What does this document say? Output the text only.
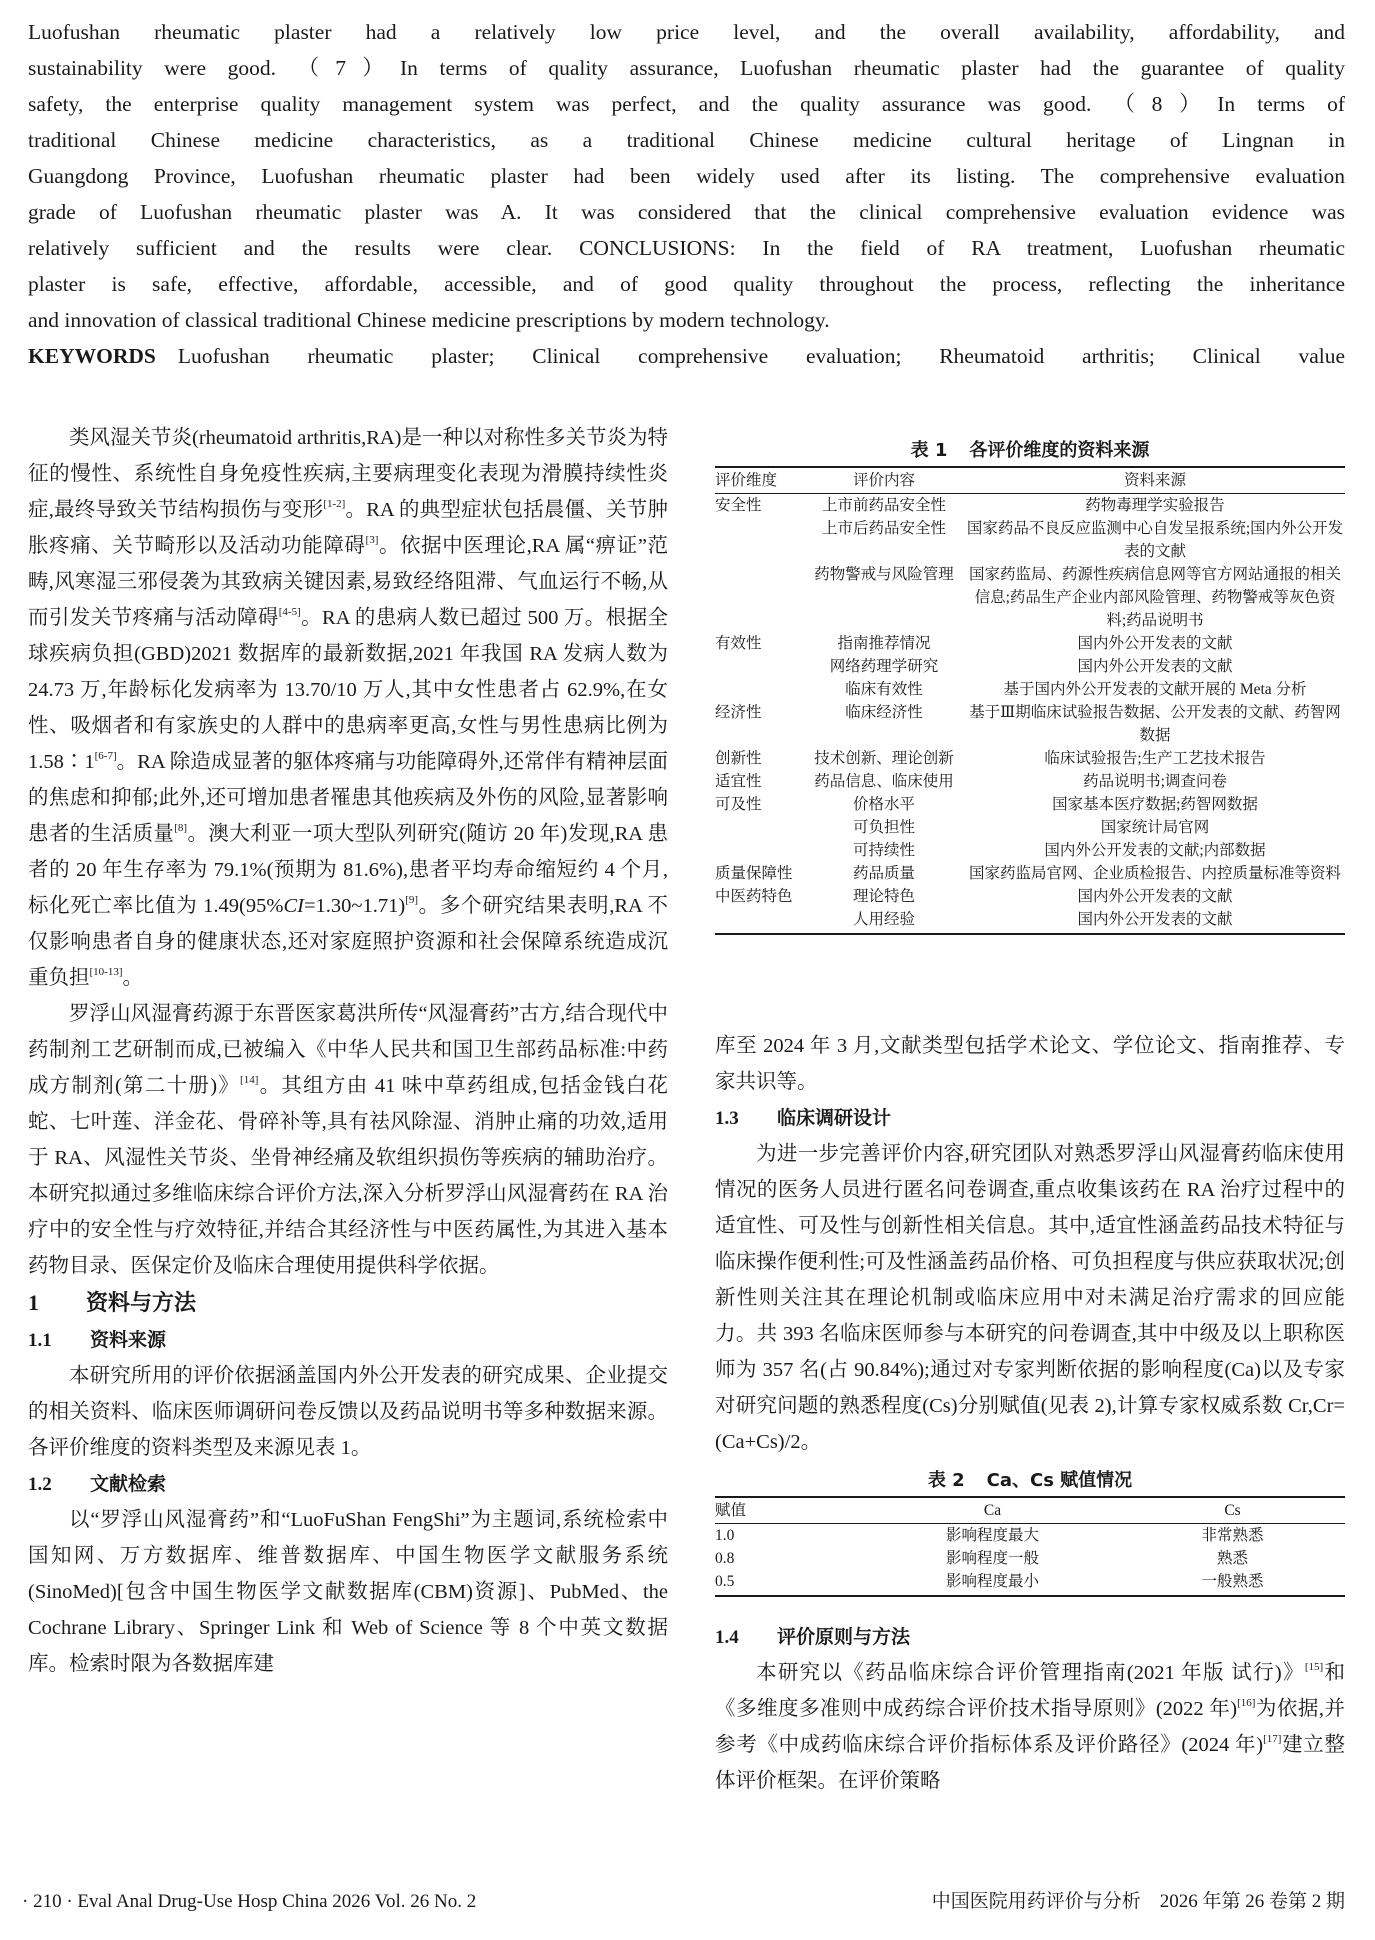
Luofushan rheumatic plaster had a relatively low price level, and the overall availability, affordability, and
sustainability were good. （7）In terms of quality assurance, Luofushan rheumatic plaster had the guarantee of quality
safety, the enterprise quality management system was perfect, and the quality assurance was good. （8）In terms of
traditional Chinese medicine characteristics, as a traditional Chinese medicine cultural heritage of Lingnan in
Guangdong Province, Luofushan rheumatic plaster had been widely used after its listing. The comprehensive evaluation
grade of Luofushan rheumatic plaster was A. It was considered that the clinical comprehensive evaluation evidence was
relatively sufficient and the results were clear. CONCLUSIONS: In the field of RA treatment, Luofushan rheumatic
plaster is safe, effective, affordable, accessible, and of good quality throughout the process, reflecting the inheritance
and innovation of classical traditional Chinese medicine prescriptions by modern technology.
KEYWORDS Luofushan rheumatic plaster; Clinical comprehensive evaluation; Rheumatoid arthritis; Clinical value

类风湿关节炎(rheumatoid arthritis,RA)是一种以对称性多关节炎为特征的慢性、系统性自身免疫性疾病,主要病理变化表现为滑膜持续性炎症,最终导致关节结构损伤与变形[1-2]。RA 的典型症状包括晨僵、关节肿胀疼痛、关节畸形以及活动功能障碍[3]。依据中医理论,RA 属“痹证”范畴,风寒湿三邪侵袭为其致病关键因素,易致经络阻滞、气血运行不畅,从而引发关节疼痛与活动障碍[4-5]。RA 的患病人数已超过 500 万。根据全球疾病负担(GBD)2021 数据库的最新数据,2021 年我国 RA 发病人数为 24.73 万,年龄标化发病率为 13.70/10 万人,其中女性患者占 62.9%,在女性、吸烟者和有家族史的人群中的患病率更高,女性与男性患病比例为 1.58∶1[6-7]。RA 除造成显著的躯体疼痛与功能障碍外,还常伴有精神层面的焦虑和抑郁;此外,还可增加患者罹患其他疾病及外伤的风险,显著影响患者的生活质量[8]。澳大利亚一项大型队列研究(随访 20 年)发现,RA 患者的 20 年生存率为 79.1%(预期为 81.6%),患者平均寿命缩短约 4 个月,标化死亡率比值为 1.49(95%CI=1.30~1.71)[9]。多个研究结果表明,RA 不仅影响患者自身的健康状态,还对家庭照护资源和社会保障系统造成沉重负担[10-13]。

罗浮山风湿膏药源于东晋医家葛洪所传“风湿膏药”古方,结合现代中药制剂工艺研制而成,已被编入《中华人民共和国卫生部药品标准:中药成方制剂(第二十册)》[14]。其组方由 41 味中草药组成,包括金钱白花蛇、七叶莲、洋金花、骨碎补等,具有祛风除湿、消肿止痛的功效,适用于 RA、风湿性关节炎、坐骨神经痛及软组织损伤等疾病的辅助治疗。本研究拟通过多维临床综合评价方法,深入分析罗浮山风湿膏药在 RA 治疗中的安全性与疗效特征,并结合其经济性与中医药属性,为其进入基本药物目录、医保定价及临床合理使用提供科学依据。

1 资料与方法
1.1 资料来源

本研究所用的评价依据涵盖国内外公开发表的研究成果、企业提交的相关资料、临床医师调研问卷反馈以及药品说明书等多种数据来源。各评价维度的资料类型及来源见表 1。

1.2 文献检索

以“罗浮山风湿膏药”和“LuoFuShan FengShi”为主题词,系统检索中国知网、万方数据库、维普数据库、中国生物医学文献服务系统(SinoMed)[包含中国生物医学文献数据库(CBM)资源]、PubMed、the Cochrane Library、Springer Link 和 Web of Science 等 8 个中英文数据库。检索时限为各数据库建

表 1 各评价维度的资料来源
评价维度	评价内容	资料来源
安全性	上市前药品安全性	药物毒理学实验报告
	上市后药品安全性	国家药品不良反应监测中心自发呈报系统;国内外公开发表的文献
	药物警戒与风险管理	国家药监局、药源性疾病信息网等官方网站通报的相关信息;药品生产企业内部风险管理、药物警戒等灰色资料;药品说明书
有效性	指南推荐情况	国内外公开发表的文献
	网络药理学研究	国内外公开发表的文献
	临床有效性	基于国内外公开发表的文献开展的 Meta 分析
经济性	临床经济性	基于Ⅲ期临床试验报告数据、公开发表的文献、药智网数据
创新性	技术创新、理论创新	临床试验报告;生产工艺技术报告
适宜性	药品信息、临床使用	药品说明书;调查问卷
可及性	价格水平	国家基本医疗数据;药智网数据
	可负担性	国家统计局官网
	可持续性	国内外公开发表的文献;内部数据
质量保障性	药品质量	国家药监局官网、企业质检报告、内控质量标准等资料
中医药特色	理论特色	国内外公开发表的文献
	人用经验	国内外公开发表的文献

库至 2024 年 3 月,文献类型包括学术论文、学位论文、指南推荐、专家共识等。

1.3 临床调研设计

为进一步完善评价内容,研究团队对熟悉罗浮山风湿膏药临床使用情况的医务人员进行匿名问卷调查,重点收集该药在 RA 治疗过程中的适宜性、可及性与创新性相关信息。其中,适宜性涵盖药品技术特征与临床操作便利性;可及性涵盖药品价格、可负担程度与供应获取状况;创新性则关注其在理论机制或临床应用中对未满足治疗需求的回应能力。共 393 名临床医师参与本研究的问卷调查,其中中级及以上职称医师为 357 名(占 90.84%);通过对专家判断依据的影响程度(Ca)以及专家对研究问题的熟悉程度(Cs)分别赋值(见表 2),计算专家权威系数 Cr,Cr=(Ca+Cs)/2。

表 2 Ca、Cs 赋值情况
赋值	Ca	Cs
1.0	影响程度最大	非常熟悉
0.8	影响程度一般	熟悉
0.5	影响程度最小	一般熟悉
1.4 评价原则与方法

本研究以《药品临床综合评价管理指南(2021 年版 试行)》[15]和《多维度多准则中成药综合评价技术指导原则》(2022 年)[16]为依据,并参考《中成药临床综合评价指标体系及评价路径》(2024 年)[17]建立整体评价框架。在评价策略

· 210 · Eval Anal Drug-Use Hosp China 2026 Vol. 26 No. 2	中国医院用药评价与分析　2026 年第 26 卷第 2 期
